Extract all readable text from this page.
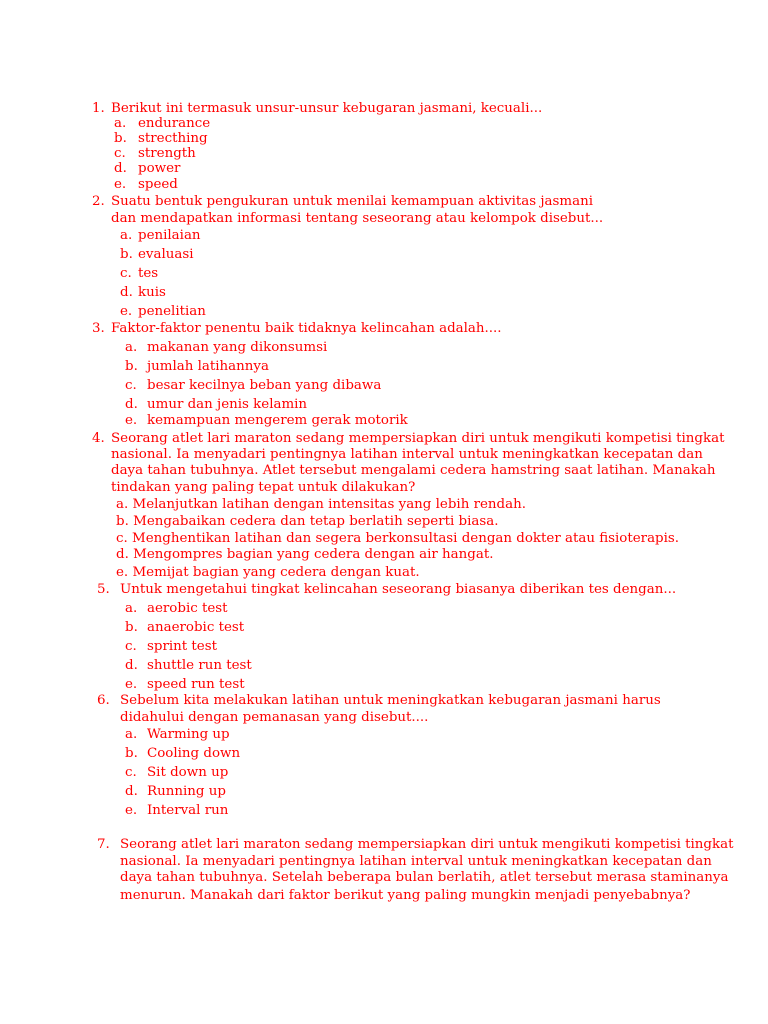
1. Berikut ini termasuk unsur-unsur kebugaran jasmani, kecuali...
a. endurance
b. strecthing
c. strength
d. power
e. speed
2. Suatu bentuk pengukuran untuk menilai kemampuan aktivitas jasmani
dan mendapatkan informasi tentang seseorang atau kelompok disebut...
a. penilaian
b. evaluasi
c. tes
d. kuis
e. penelitian
3. Faktor-faktor penentu baik tidaknya kelincahan adalah....
a. makanan yang dikonsumsi
b. jumlah latihannya
c. besar kecilnya beban yang dibawa
d. umur dan jenis kelamin
e. kemampuan mengerem gerak motorik
4. Seorang atlet lari maraton sedang mempersiapkan diri untuk mengikuti kompetisi tingkat
nasional. Ia menyadari pentingnya latihan interval untuk meningkatkan kecepatan dan
daya tahan tubuhnya. Atlet tersebut mengalami cedera hamstring saat latihan. Manakah
tindakan yang paling tepat untuk dilakukan?
a. Melanjutkan latihan dengan intensitas yang lebih rendah.
b. Mengabaikan cedera dan tetap berlatih seperti biasa.
c. Menghentikan latihan dan segera berkonsultasi dengan dokter atau fisioterapis.
d. Mengompres bagian yang cedera dengan air hangat.
e. Memijat bagian yang cedera dengan kuat.
5. Untuk mengetahui tingkat kelincahan seseorang biasanya diberikan tes dengan...
a. aerobic test
b. anaerobic test
c. sprint test
d. shuttle run test
e. speed run test
6. Sebelum kita melakukan latihan untuk meningkatkan kebugaran jasmani harus
didahului dengan pemanasan yang disebut....
a. Warming up
b. Cooling down
c. Sit down up
d. Running up
e. Interval run
7. Seorang atlet lari maraton sedang mempersiapkan diri untuk mengikuti kompetisi tingkat
nasional. Ia menyadari pentingnya latihan interval untuk meningkatkan kecepatan dan
daya tahan tubuhnya. Setelah beberapa bulan berlatih, atlet tersebut merasa staminanya
menurun. Manakah dari faktor berikut yang paling mungkin menjadi penyebabnya?
